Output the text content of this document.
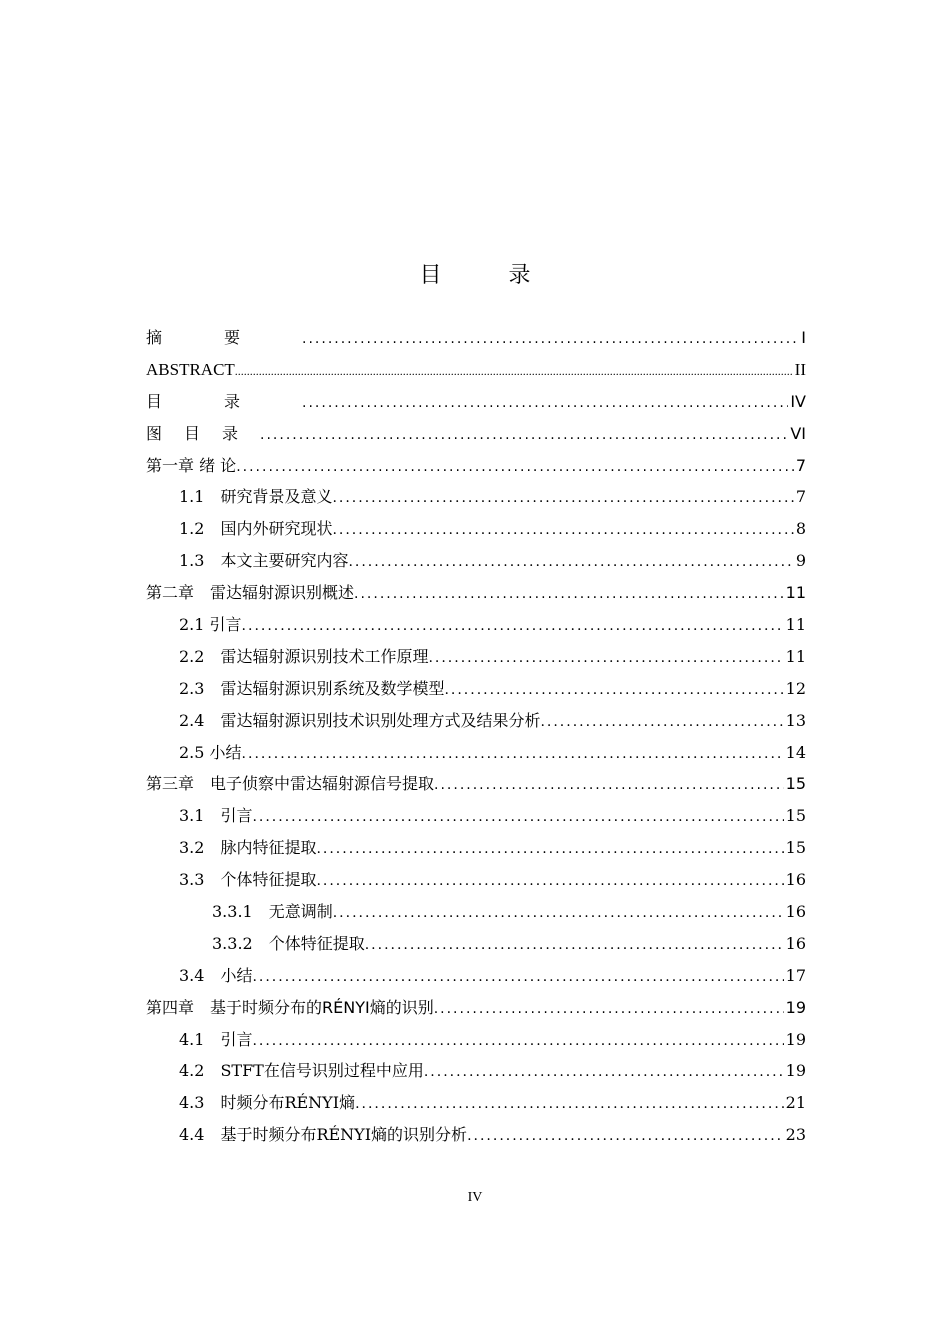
目 录
摘要 .....	I
ABSTRACT .....	II
目录 .....	IV
图目录 .....	VI
第一章 绪 论 .....	7
1.1　研究背景及意义 .....	7
1.2　国内外研究现状 .....	8
1.3　本文主要研究内容 .....	9
第二章　雷达辐射源识别概述 .....	11
2.1 引言 .....	11
2.2　雷达辐射源识别技术工作原理 .....	11
2.3　雷达辐射源识别系统及数学模型 .....	12
2.4　雷达辐射源识别技术识别处理方式及结果分析 .....	13
2.5 小结 .....	14
第三章　电子侦察中雷达辐射源信号提取 .....	15
3.1　引言 .....	15
3.2　脉内特征提取 .....	15
3.3　个体特征提取 .....	16
3.3.1　无意调制 .....	16
3.3.2　个体特征提取 .....	16
3.4　小结 .....	17
第四章　基于时频分布的RÉNYI熵的识别 .....	19
4.1　引言 .....	19
4.2　STFT在信号识别过程中应用 .....	19
4.3　时频分布RÉNYI熵 .....	21
4.4　基于时频分布RÉNYI熵的识别分析 .....	23
IV
